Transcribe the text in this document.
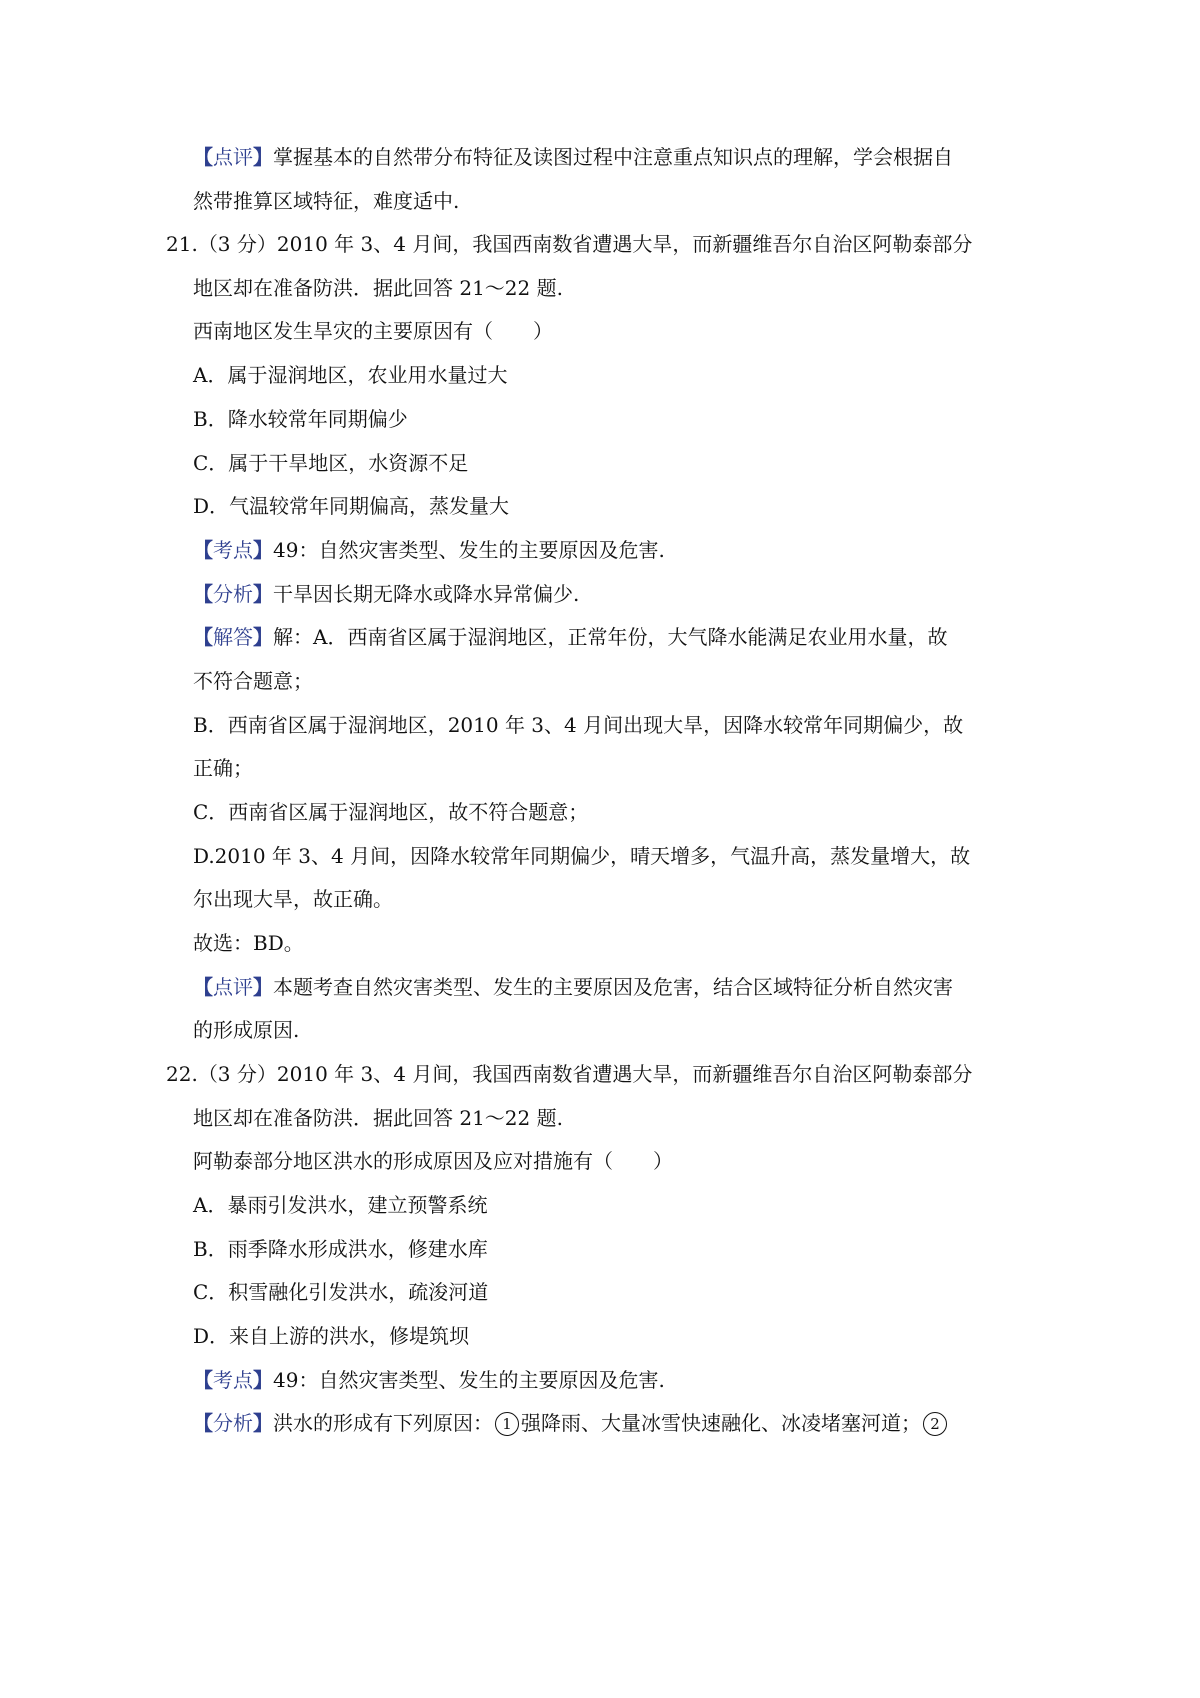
【点评】掌握基本的自然带分布特征及读图过程中注意重点知识点的理解，学会根据自
然带推算区域特征，难度适中.
21.（3 分）2010 年 3、4 月间，我国西南数省遭遇大旱，而新疆维吾尔自治区阿勒泰部分
地区却在准备防洪．据此回答 21～22 题.
西南地区发生旱灾的主要原因有（　　）
A．属于湿润地区，农业用水量过大
B．降水较常年同期偏少
C．属于干旱地区，水资源不足
D．气温较常年同期偏高，蒸发量大
【考点】49：自然灾害类型、发生的主要原因及危害.
【分析】干旱因长期无降水或降水异常偏少.
【解答】解：A．西南省区属于湿润地区，正常年份，大气降水能满足农业用水量，故
不符合题意；
B．西南省区属于湿润地区，2010 年 3、4 月间出现大旱，因降水较常年同期偏少，故
正确；
C．西南省区属于湿润地区，故不符合题意；
D.2010 年 3、4 月间，因降水较常年同期偏少，晴天增多，气温升高，蒸发量增大，故
尔出现大旱，故正确。
故选：BD。
【点评】本题考查自然灾害类型、发生的主要原因及危害，结合区域特征分析自然灾害
的形成原因.
22.（3 分）2010 年 3、4 月间，我国西南数省遭遇大旱，而新疆维吾尔自治区阿勒泰部分
地区却在准备防洪．据此回答 21～22 题.
阿勒泰部分地区洪水的形成原因及应对措施有（　　）
A．暴雨引发洪水，建立预警系统
B．雨季降水形成洪水，修建水库
C．积雪融化引发洪水，疏浚河道
D．来自上游的洪水，修堤筑坝
【考点】49：自然灾害类型、发生的主要原因及危害.
【分析】洪水的形成有下列原因： 1 强降雨、大量冰雪快速融化、冰凌堵塞河道； 2
